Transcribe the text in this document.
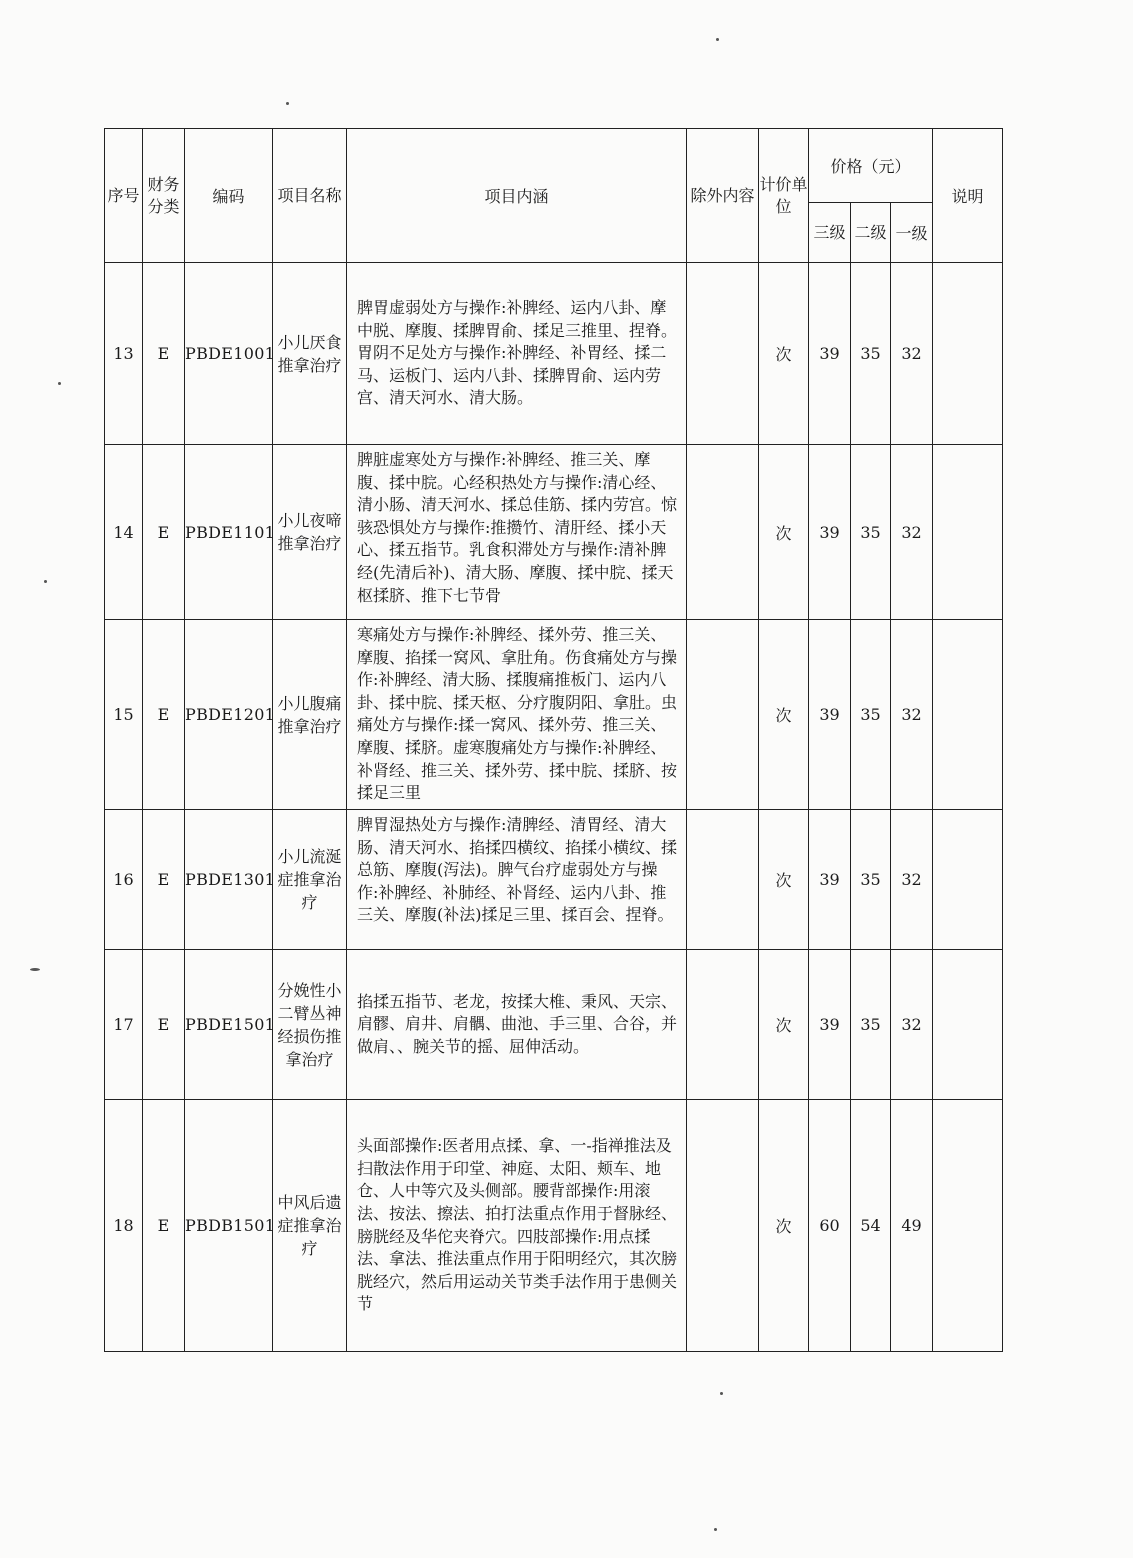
序号	财务分类	编码	项目名称	项目内涵	除外内容	计价单位	价格（元）			说明
							三级	二级	一级	
13	E	PBDE1001	小儿厌食推拿治疗	脾胃虚弱处方与操作:补脾经、运内八卦、摩中脱、摩腹、揉脾胃俞、揉足三推里、捏脊。胃阴不足处方与操作:补脾经、补胃经、揉二马、运板门、运内八卦、揉脾胃俞、运内劳宫、清天河水、清大肠。		次	39	35	32	
14	E	PBDE1101	小儿夜啼推拿治疗	脾脏虚寒处方与操作:补脾经、推三关、摩腹、揉中脘。心经积热处方与操作:清心经、清小肠、清天河水、揉总佳筋、揉内劳宫。惊骇恐惧处方与操作:推攒竹、清肝经、揉小天心、揉五指节。乳食积滞处方与操作:清补脾经(先清后补)、清大肠、摩腹、揉中脘、揉天枢揉脐、推下七节骨		次	39	35	32	
15	E	PBDE1201	小儿腹痛推拿治疗	寒痛处方与操作:补脾经、揉外劳、推三关、摩腹、掐揉一窝风、拿肚角。伤食痛处方与操作:补脾经、清大肠、揉腹痛推板门、运内八卦、揉中脘、揉天枢、分疗腹阴阳、拿肚。虫痛处方与操作:揉一窝风、揉外劳、推三关、摩腹、揉脐。虚寒腹痛处方与操作:补脾经、补肾经、推三关、揉外劳、揉中脘、揉脐、按揉足三里		次	39	35	32	
16	E	PBDE1301	小儿流涎症推拿治疗	脾胃湿热处方与操作:清脾经、清胃经、清大肠、清天河水、掐揉四横纹、掐揉小横纹、揉总筋、摩腹(泻法)。脾气台疗虚弱处方与操作:补脾经、补肺经、补肾经、运内八卦、推三关、摩腹(补法)揉足三里、揉百会、捏脊。		次	39	35	32	
17	E	PBDE1501	分娩性小二臂丛神经损伤推拿治疗	掐揉五指节、老龙，按揉大椎、秉风、天宗、肩髎、肩井、肩髃、曲池、手三里、合谷，并做肩、、腕关节的摇、屈伸活动。		次	39	35	32	
18	E	PBDB1501	中风后遗症推拿治疗	头面部操作:医者用点揉、拿、一-指禅推法及扫散法作用于印堂、神庭、太阳、颊车、地仓、人中等穴及头侧部。腰背部操作:用滚法、按法、擦法、拍打法重点作用于督脉经、膀胱经及华佗夹脊穴。四肢部操作:用点揉法、拿法、推法重点作用于阳明经穴，其次膀胱经穴，然后用运动关节类手法作用于患侧关节		次	60	54	49	
